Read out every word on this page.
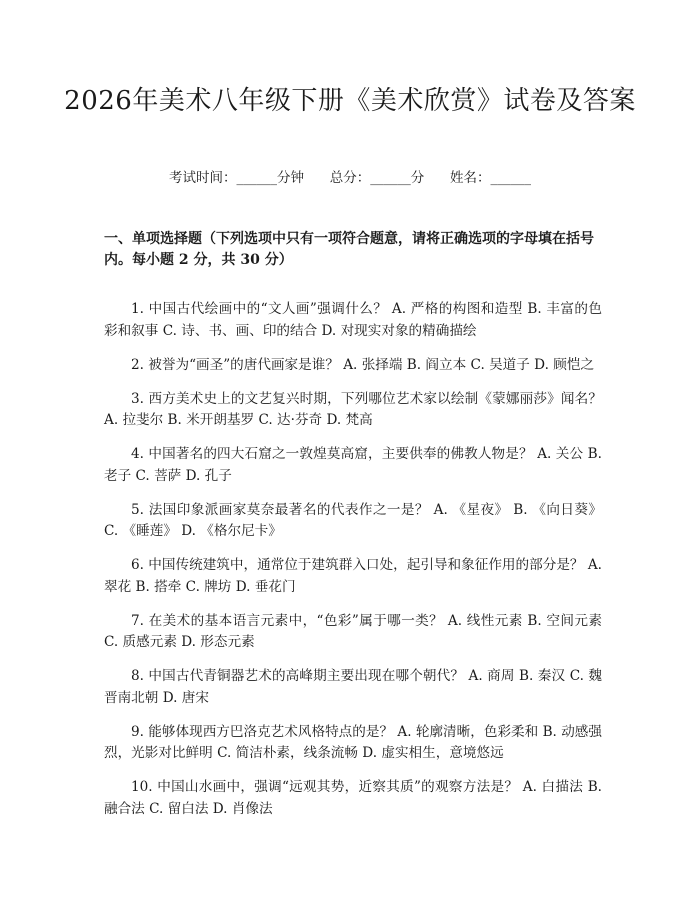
2026年美术八年级下册《美术欣赏》试卷及答案
考试时间：______分钟      总分：______分      姓名：______
一、单项选择题（下列选项中只有一项符合题意，请将正确选项的字母填在括号内。每小题 2 分，共 30 分）
1. 中国古代绘画中的“文人画”强调什么？ A. 严格的构图和造型 B. 丰富的色彩和叙事 C. 诗、书、画、印的结合 D. 对现实对象的精确描绘
2. 被誉为“画圣”的唐代画家是谁？ A. 张择端 B. 阎立本 C. 吴道子 D. 顾恺之
3. 西方美术史上的文艺复兴时期，下列哪位艺术家以绘制《蒙娜丽莎》闻名？ A. 拉斐尔 B. 米开朗基罗 C. 达·芬奇 D. 梵高
4. 中国著名的四大石窟之一敦煌莫高窟，主要供奉的佛教人物是？ A. 关公 B. 老子 C. 菩萨 D. 孔子
5. 法国印象派画家莫奈最著名的代表作之一是？ A. 《星夜》 B. 《向日葵》 C. 《睡莲》 D. 《格尔尼卡》
6. 中国传统建筑中，通常位于建筑群入口处，起引导和象征作用的部分是？ A. 翠花 B. 搭牵 C. 牌坊 D. 垂花门
7. 在美术的基本语言元素中，“色彩”属于哪一类？ A. 线性元素 B. 空间元素 C. 质感元素 D. 形态元素
8. 中国古代青铜器艺术的高峰期主要出现在哪个朝代？ A. 商周 B. 秦汉 C. 魏晋南北朝 D. 唐宋
9. 能够体现西方巴洛克艺术风格特点的是？ A. 轮廓清晰，色彩柔和 B. 动感强烈，光影对比鲜明 C. 简洁朴素，线条流畅 D. 虚实相生，意境悠远
10. 中国山水画中，强调“远观其势，近察其质”的观察方法是？ A. 白描法 B. 融合法 C. 留白法 D. 肖像法
